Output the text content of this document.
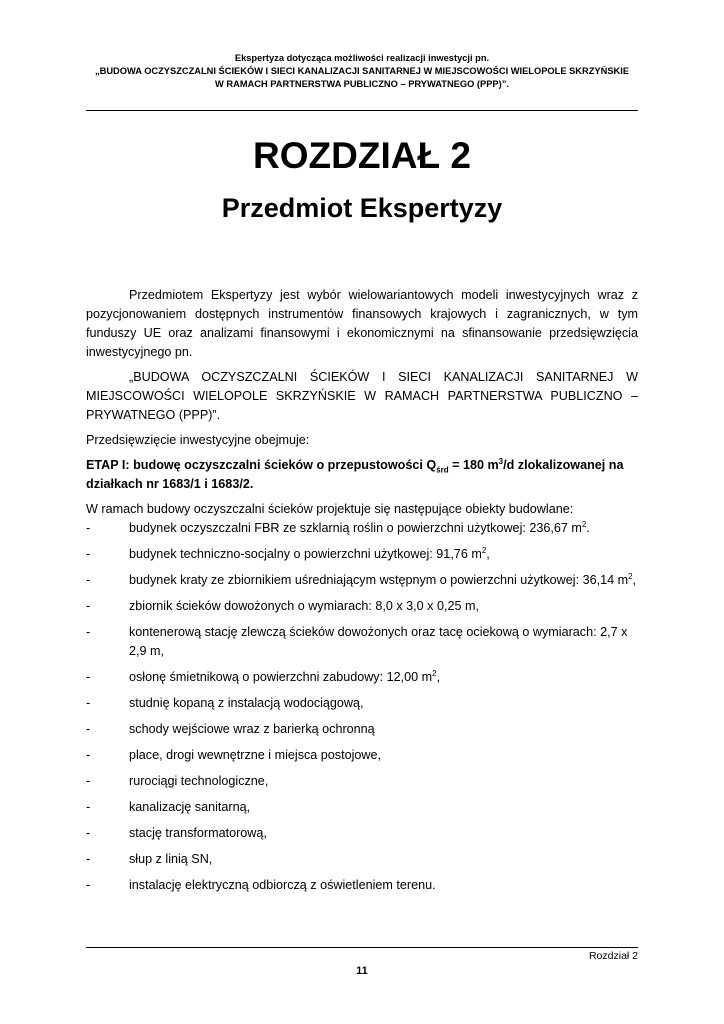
Ekspertyza dotycząca możliwości realizacji inwestycji pn.
„BUDOWA OCZYSZCZALNI ŚCIEKÓW I SIECI KANALIZACJI SANITARNEJ W MIEJSCOWOŚCI WIELOPOLE SKRZYŃSKIE
W RAMACH PARTNERSTWA PUBLICZNO – PRYWATNEGO (PPP)”.
ROZDZIAŁ 2
Przedmiot Ekspertyzy

Przedmiotem Ekspertyzy jest wybór wielowariantowych modeli inwestycyjnych wraz z pozycjonowaniem dostępnych instrumentów finansowych krajowych i zagranicznych, w tym funduszy UE oraz analizami finansowymi i ekonomicznymi na sfinansowanie przedsięwzięcia inwestycyjnego pn.

„BUDOWA OCZYSZCZALNI ŚCIEKÓW I SIECI KANALIZACJI SANITARNEJ W MIEJSCOWOŚCI WIELOPOLE SKRZYŃSKIE W RAMACH PARTNERSTWA PUBLICZNO – PRYWATNEGO (PPP)”.

Przedsięwzięcie inwestycyjne obejmuje:

ETAP I: budowę oczyszczalni ścieków o przepustowości $Q_{śrd} = 180$ $m^3/d$ zlokalizowanej na działkach nr 1683/1 i 1683/2.

W ramach budowy oczyszczalni ścieków projektuje się następujące obiekty budowlane:

-	budynek oczyszczalni FBR ze szklarnią roślin o powierzchni użytkowej: 236,67 $m^2$.
-	budynek techniczno-socjalny o powierzchni użytkowej: 91,76 $m^2$,
-	budynek kraty ze zbiornikiem uśredniającym wstępnym o powierzchni użytkowej: 36,14 $m^2$,
-	zbiornik ścieków dowożonych o wymiarach: 8,0 x 3,0 x 0,25 m,
-	kontenerową stację zlewczą ścieków dowożonych oraz tacę ociekową o wymiarach: 2,7 x 2,9 m,
-	osłonę śmietnikową o powierzchni zabudowy: 12,00 $m^2$,
-	studnię kopaną z instalacją wodociągową,
-	schody wejściowe wraz z barierką ochronną
-	place, drogi wewnętrzne i miejsca postojowe,
-	rurociągi technologiczne,
-	kanalizację sanitarną,
-	stację transformatorową,
-	słup z linią SN,
-	instalację elektryczną odbiorczą z oświetleniem terenu.
Rozdział 2
11
